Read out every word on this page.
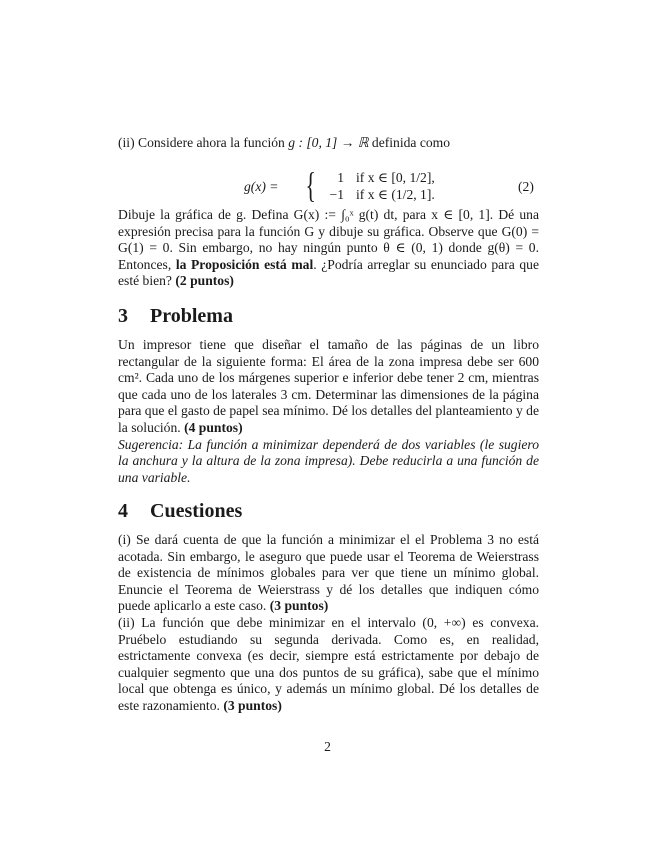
(ii) Considere ahora la función g : [0, 1] → ℝ definida como
g(x) = {	1 if x ∈ [0, 1/2],
−1 if x ∈ (1/2, 1].
(2)
Dibuje la gráfica de g. Defina G(x) := ∫₀ˣ g(t) dt, para x ∈ [0, 1]. Dé una expresión precisa para la función G y dibuje su gráfica. Observe que G(0) = G(1) = 0. Sin embargo, no hay ningún punto θ ∈ (0, 1) donde g(θ) = 0. Entonces, la Proposición está mal. ¿Podría arreglar su enunciado para que esté bien? (2 puntos)
3 Problema
Un impresor tiene que diseñar el tamaño de las páginas de un libro rectangular de la siguiente forma: El área de la zona impresa debe ser 600 cm². Cada uno de los márgenes superior e inferior debe tener 2 cm, mientras que cada uno de los laterales 3 cm. Determinar las dimensiones de la página para que el gasto de papel sea mínimo. Dé los detalles del planteamiento y de la solución. (4 puntos)
Sugerencia: La función a minimizar dependerá de dos variables (le sugiero la anchura y la altura de la zona impresa). Debe reducirla a una función de una variable.
4 Cuestiones
(i) Se dará cuenta de que la función a minimizar el el Problema 3 no está acotada. Sin embargo, le aseguro que puede usar el Teorema de Weierstrass de existencia de mínimos globales para ver que tiene un mínimo global. Enuncie el Teorema de Weierstrass y dé los detalles que indiquen cómo puede aplicarlo a este caso. (3 puntos)
(ii) La función que debe minimizar en el intervalo (0, +∞) es convexa. Pruébelo estudiando su segunda derivada. Como es, en realidad, estrictamente convexa (es decir, siempre está estrictamente por debajo de cualquier segmento que una dos puntos de su gráfica), sabe que el mínimo local que obtenga es único, y además un mínimo global. Dé los detalles de este razonamiento. (3 puntos)
2
